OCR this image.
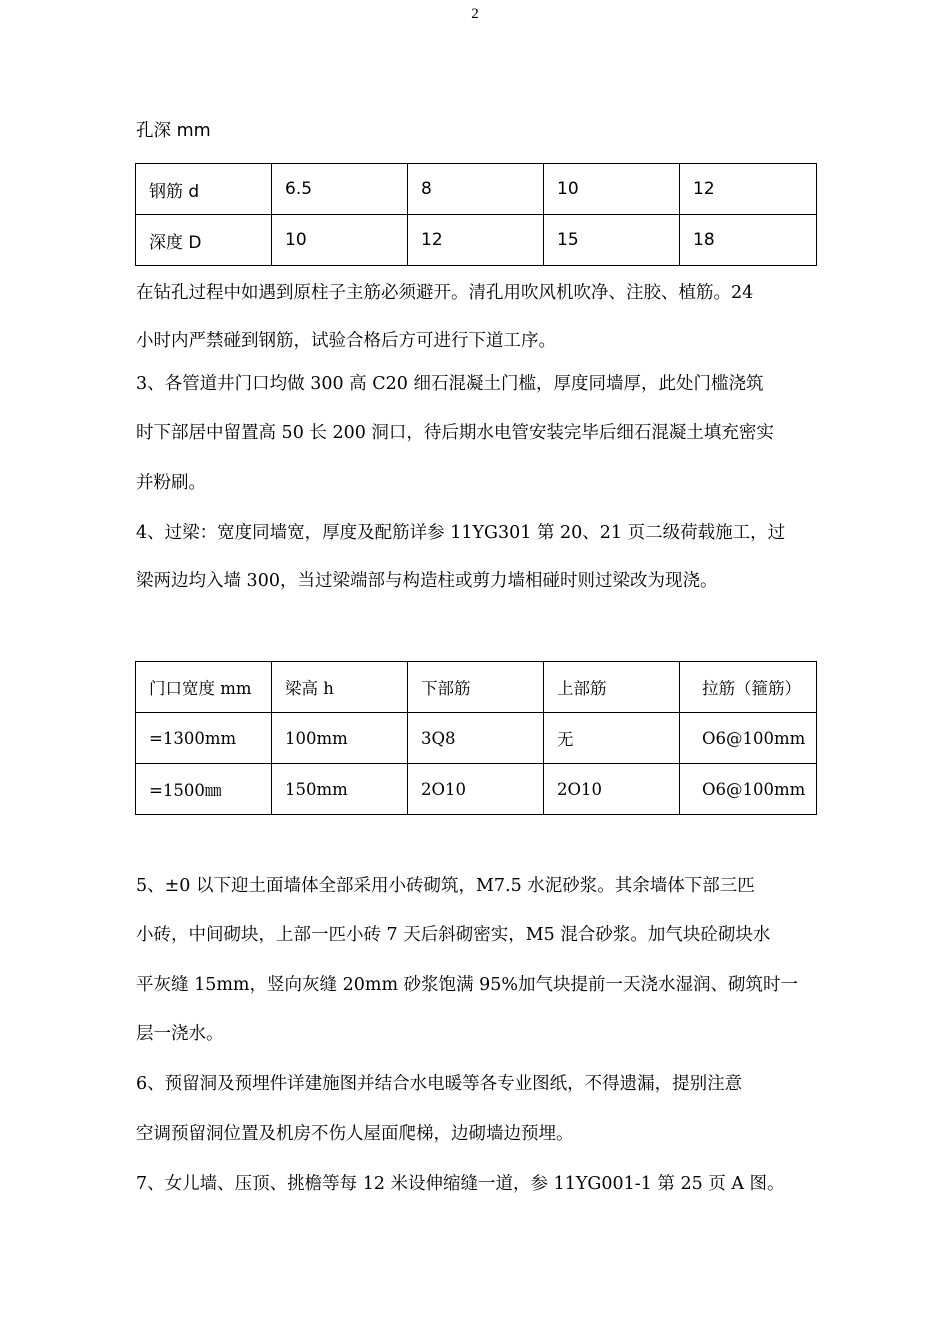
2
孔深 mm
钢筋 d	6.5	8	10	12
深度 D	10	12	15	18
在钻孔过程中如遇到原柱子主筋必须避开。清孔用吹风机吹净、注胶、植筋。24
小时内严禁碰到钢筋，试验合格后方可进行下道工序。
3、各管道井门口均做 300 高 C20 细石混凝土门槛，厚度同墙厚，此处门槛浇筑
时下部居中留置高 50 长 200 洞口，待后期水电管安装完毕后细石混凝土填充密实
并粉刷。
4、过梁：宽度同墙宽，厚度及配筋详参 11YG301 第 20、21 页二级荷载施工，过
梁两边均入墙 300，当过梁端部与构造柱或剪力墙相碰时则过梁改为现浇。
门口宽度 mm	梁高 h	下部筋	上部筋	拉筋（箍筋）
=1300mm	100mm	3Q8	无	O6@100mm
=1500㎜	150mm	2O10	2O10	O6@100mm
5、±0 以下迎土面墙体全部采用小砖砌筑，M7.5 水泥砂浆。其余墙体下部三匹
小砖，中间砌块，上部一匹小砖 7 天后斜砌密实，M5 混合砂浆。加气块砼砌块水
平灰缝 15mm，竖向灰缝 20mm 砂浆饱满 95%加气块提前一天浇水湿润、砌筑时一
层一浇水。
6、预留洞及预埋件详建施图并结合水电暖等各专业图纸，不得遗漏，提别注意
空调预留洞位置及机房不伤人屋面爬梯，边砌墙边预埋。
7、女儿墙、压顶、挑檐等每 12 米设伸缩缝一道，参 11YG001-1 第 25 页 A 图。
